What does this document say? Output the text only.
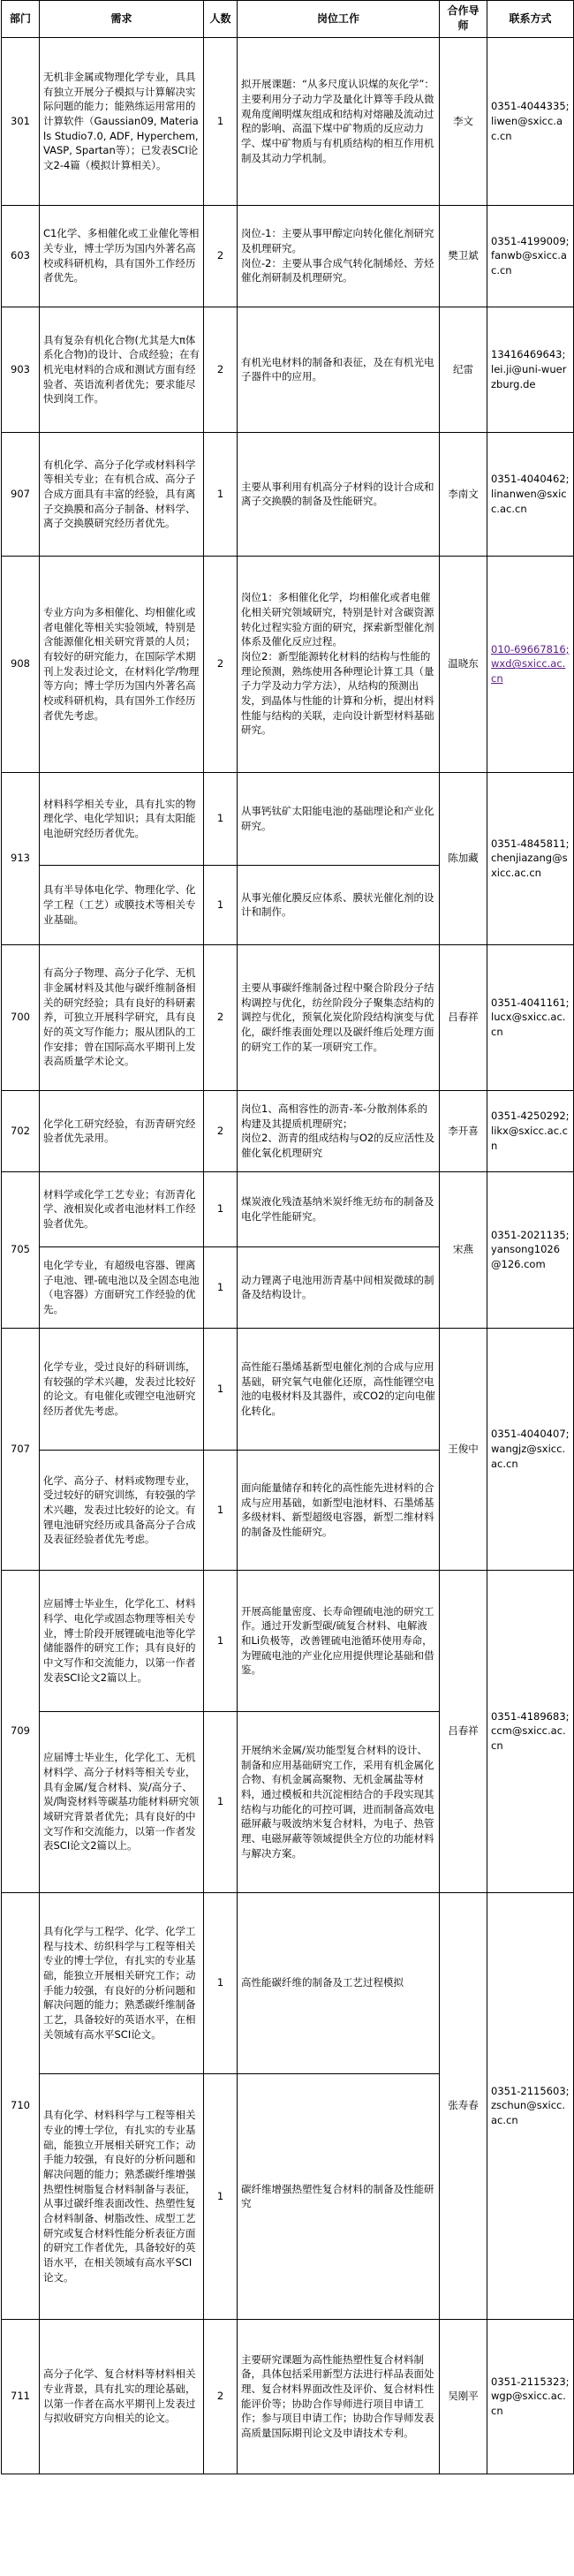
部门	需求	人数	岗位工作	合作导师	联系方式
301	无机非金属或物理化学专业，具具有独立开展分子模拟与计算解决实际问题的能力；能熟练运用常用的计算软件（Gaussian09, Materials Studio7.0, ADF, Hyperchem, VASP, Spartan等）；已发表SCI论文2-4篇（模拟计算相关）。	1	拟开展课题：“从多尺度认识煤的灰化学”：主要利用分子动力学及量化计算等手段从微观角度阐明煤灰组成和结构对熔融及流动过程的影响、高温下煤中矿物质的反应动力学、煤中矿物质与有机质结构的相互作用机制及其动力学机制。	李文	0351-4044335; liwen@sxicc.ac.cn
603	C1化学、多相催化或工业催化等相关专业，博士学历为国内外著名高校或科研机构，具有国外工作经历者优先。	2	岗位-1：主要从事甲醇定向转化催化剂研究及机理研究。
岗位-2：主要从事合成气转化制烯烃、芳烃催化剂研制及机理研究。	樊卫斌	0351-4199009; fanwb@sxicc.ac.cn
903	具有复杂有机化合物(尤其是大π体系化合物)的设计、合成经验；在有机光电材料的合成和测试方面有经验者、英语流利者优先；要求能尽快到岗工作。	2	有机光电材料的制备和表征，及在有机光电子器件中的应用。	纪雷	13416469643; lei.ji@uni-wuerzburg.de
907	有机化学、高分子化学或材料科学等相关专业；在有机合成、高分子合成方面具有丰富的经验，具有离子交换膜和高分子制备、材料学、离子交换膜研究经历者优先。	1	主要从事利用有机高分子材料的设计合成和离子交换膜的制备及性能研究。	李南文	0351-4040462; linanwen@sxicc.ac.cn
908	专业方向为多相催化、均相催化或者电催化等相关实验领域，特别是含能源催化相关研究背景的人员；有较好的研究能力，在国际学术期刊上发表过论文，在材料化学/物理等方向；博士学历为国内外著名高校或科研机构，具有国外工作经历者优先考虑。	2	岗位1：多相催化化学，均相催化或者电催化相关研究领域研究，特别是针对含碳资源转化过程实验方面的研究，探索新型催化剂体系及催化反应过程。
岗位2：新型能源转化材料的结构与性能的理论预测，熟练使用各种理论计算工具（量子力学及动力学方法），从结构的预测出发，到晶体与性能的计算和分析，提出材料性能与结构的关联，走向设计新型材料基础研究。	温晓东	010-69667816; wxd@sxicc.ac.cn
913	材料科学相关专业，具有扎实的物理化学、电化学知识；具有太阳能电池研究经历者优先。	1	从事钙钛矿太阳能电池的基础理论和产业化研究。	陈加藏	0351-4845811; chenjiazang@sxicc.ac.cn
	具有半导体电化学、物理化学、化学工程（工艺）或膜技术等相关专业基础。	1	从事光催化膜反应体系、膜状光催化剂的设计和制作。		
700	有高分子物理、高分子化学、无机非金属材料及其他与碳纤维制备相关的研究经验；具有良好的科研素养，可独立开展科学研究，具有良好的英文写作能力；服从团队的工作安排；曾在国际高水平期刊上发表高质量学术论文。	2	主要从事碳纤维制备过程中聚合阶段分子结构调控与优化，纺丝阶段分子聚集态结构的调控与优化，预氧化炭化阶段结构演变与优化，碳纤维表面处理以及碳纤维后处理方面的研究工作的某一项研究工作。	吕春祥	0351-4041161; lucx@sxicc.ac.cn
702	化学化工研究经验，有沥青研究经验者优先录用。	2	岗位1、高相容性的沥青-苯-分散剂体系的构建及其提质机理研究；
岗位2、沥青的组成结构与O2的反应活性及催化氧化机理研究	李开喜	0351-4250292; likx@sxicc.ac.cn
705	材料学或化学工艺专业；有沥青化学、液相炭化或者电池材料工作经验者优先。	1	煤炭液化残渣基纳米炭纤维无纺布的制备及电化学性能研究。	宋燕	0351-2021135; yansong1026@126.com
	电化学专业，有超级电容器、锂离子电池、锂-硫电池以及全固态电池（电容器）方面研究工作经验的优先。	1	动力锂离子电池用沥青基中间相炭微球的制备及结构设计。		
707	化学专业，受过良好的科研训练，有较强的学术兴趣，发表过比较好的论文。有电催化或锂空电池研究经历者优先考虑。	1	高性能石墨烯基新型电催化剂的合成与应用基础，研究氧气电催化还原，高性能锂空电池的电极材料及其器件，或CO2的定向电催化转化。	王俊中	0351-4040407; wangjz@sxicc.ac.cn
	化学、高分子、材料或物理专业，受过较好的研究训练，有较强的学术兴趣，发表过比较好的论文。有锂电池研究经历或具备高分子合成及表征经验者优先考虑。	1	面向能量储存和转化的高性能先进材料的合成与应用基础，如新型电池材料、石墨烯基多级材料、新型超级电容器，新型二维材料的制备及性能研究。		
709	应届博士毕业生，化学化工、材料科学、电化学或固态物理等相关专业，博士阶段开展锂硫电池等化学储能器件的研究工作；具有良好的中文写作和交流能力，以第一作者发表SCI论文2篇以上。	1	开展高能量密度、长寿命锂硫电池的研究工作。通过开发新型碳/硫复合材料、电解液和Li负极等，改善锂硫电池循环使用寿命，为锂硫电池的产业化应用提供理论基础和借鉴。	吕春祥	0351-4189683; ccm@sxicc.ac.cn
	应届博士毕业生，化学化工、无机材料学、高分子材料等相关专业，具有金属/复合材料、炭/高分子、炭/陶瓷材料等碳基功能材料研究领域研究背景者优先；具有良好的中文写作和交流能力，以第一作者发表SCI论文2篇以上。	1	开展纳米金属/炭功能型复合材料的设计、制备和应用基础研究工作，采用有机金属化合物、有机金属高聚物、无机金属盐等材料，通过模板和共沉淀相结合的手段实现其结构与功能化的可控可调，进而制备高效电磁屏蔽与吸波纳米复合材料，为电子、热管理、电磁屏蔽等领域提供全方位的功能材料与解决方案。		
710	具有化学与工程学、化学、化学工程与技术、纺织科学与工程等相关专业的博士学位，有扎实的专业基础，能独立开展相关研究工作；动手能力较强，有良好的分析问题和解决问题的能力；熟悉碳纤维制备工艺，具备较好的英语水平，在相关领域有高水平SCI论文。	1	高性能碳纤维的制备及工艺过程模拟	张寿春	0351-2115603; zschun@sxicc.ac.cn
	具有化学、材料科学与工程等相关专业的博士学位，有扎实的专业基础，能独立开展相关研究工作；动手能力较强，有良好的分析问题和解决问题的能力；熟悉碳纤维增强热塑性树脂复合材料制备与表征，从事过碳纤维表面改性、热塑性复合材料制备、树脂改性、成型工艺研究或复合材料性能分析表征方面的研究工作者优先，具备较好的英语水平，在相关领域有高水平SCI论文。	1	碳纤维增强热塑性复合材料的制备及性能研究		
711	高分子化学、复合材料等材料相关专业背景，具有扎实的理论基础，以第一作者在高水平期刊上发表过与拟收研究方向相关的论文。	2	主要研究课题为高性能热塑性复合材料制备，具体包括采用新型方法进行样品表面处理、复合材料界面改性及评价、复合材料性能评价等；协助合作导师进行项目申请工作；参与项目申请工作；协助合作导师发表高质量国际期刊论文及申请技术专利。	吴刚平	0351-2115323; wgp@sxicc.ac.cn
